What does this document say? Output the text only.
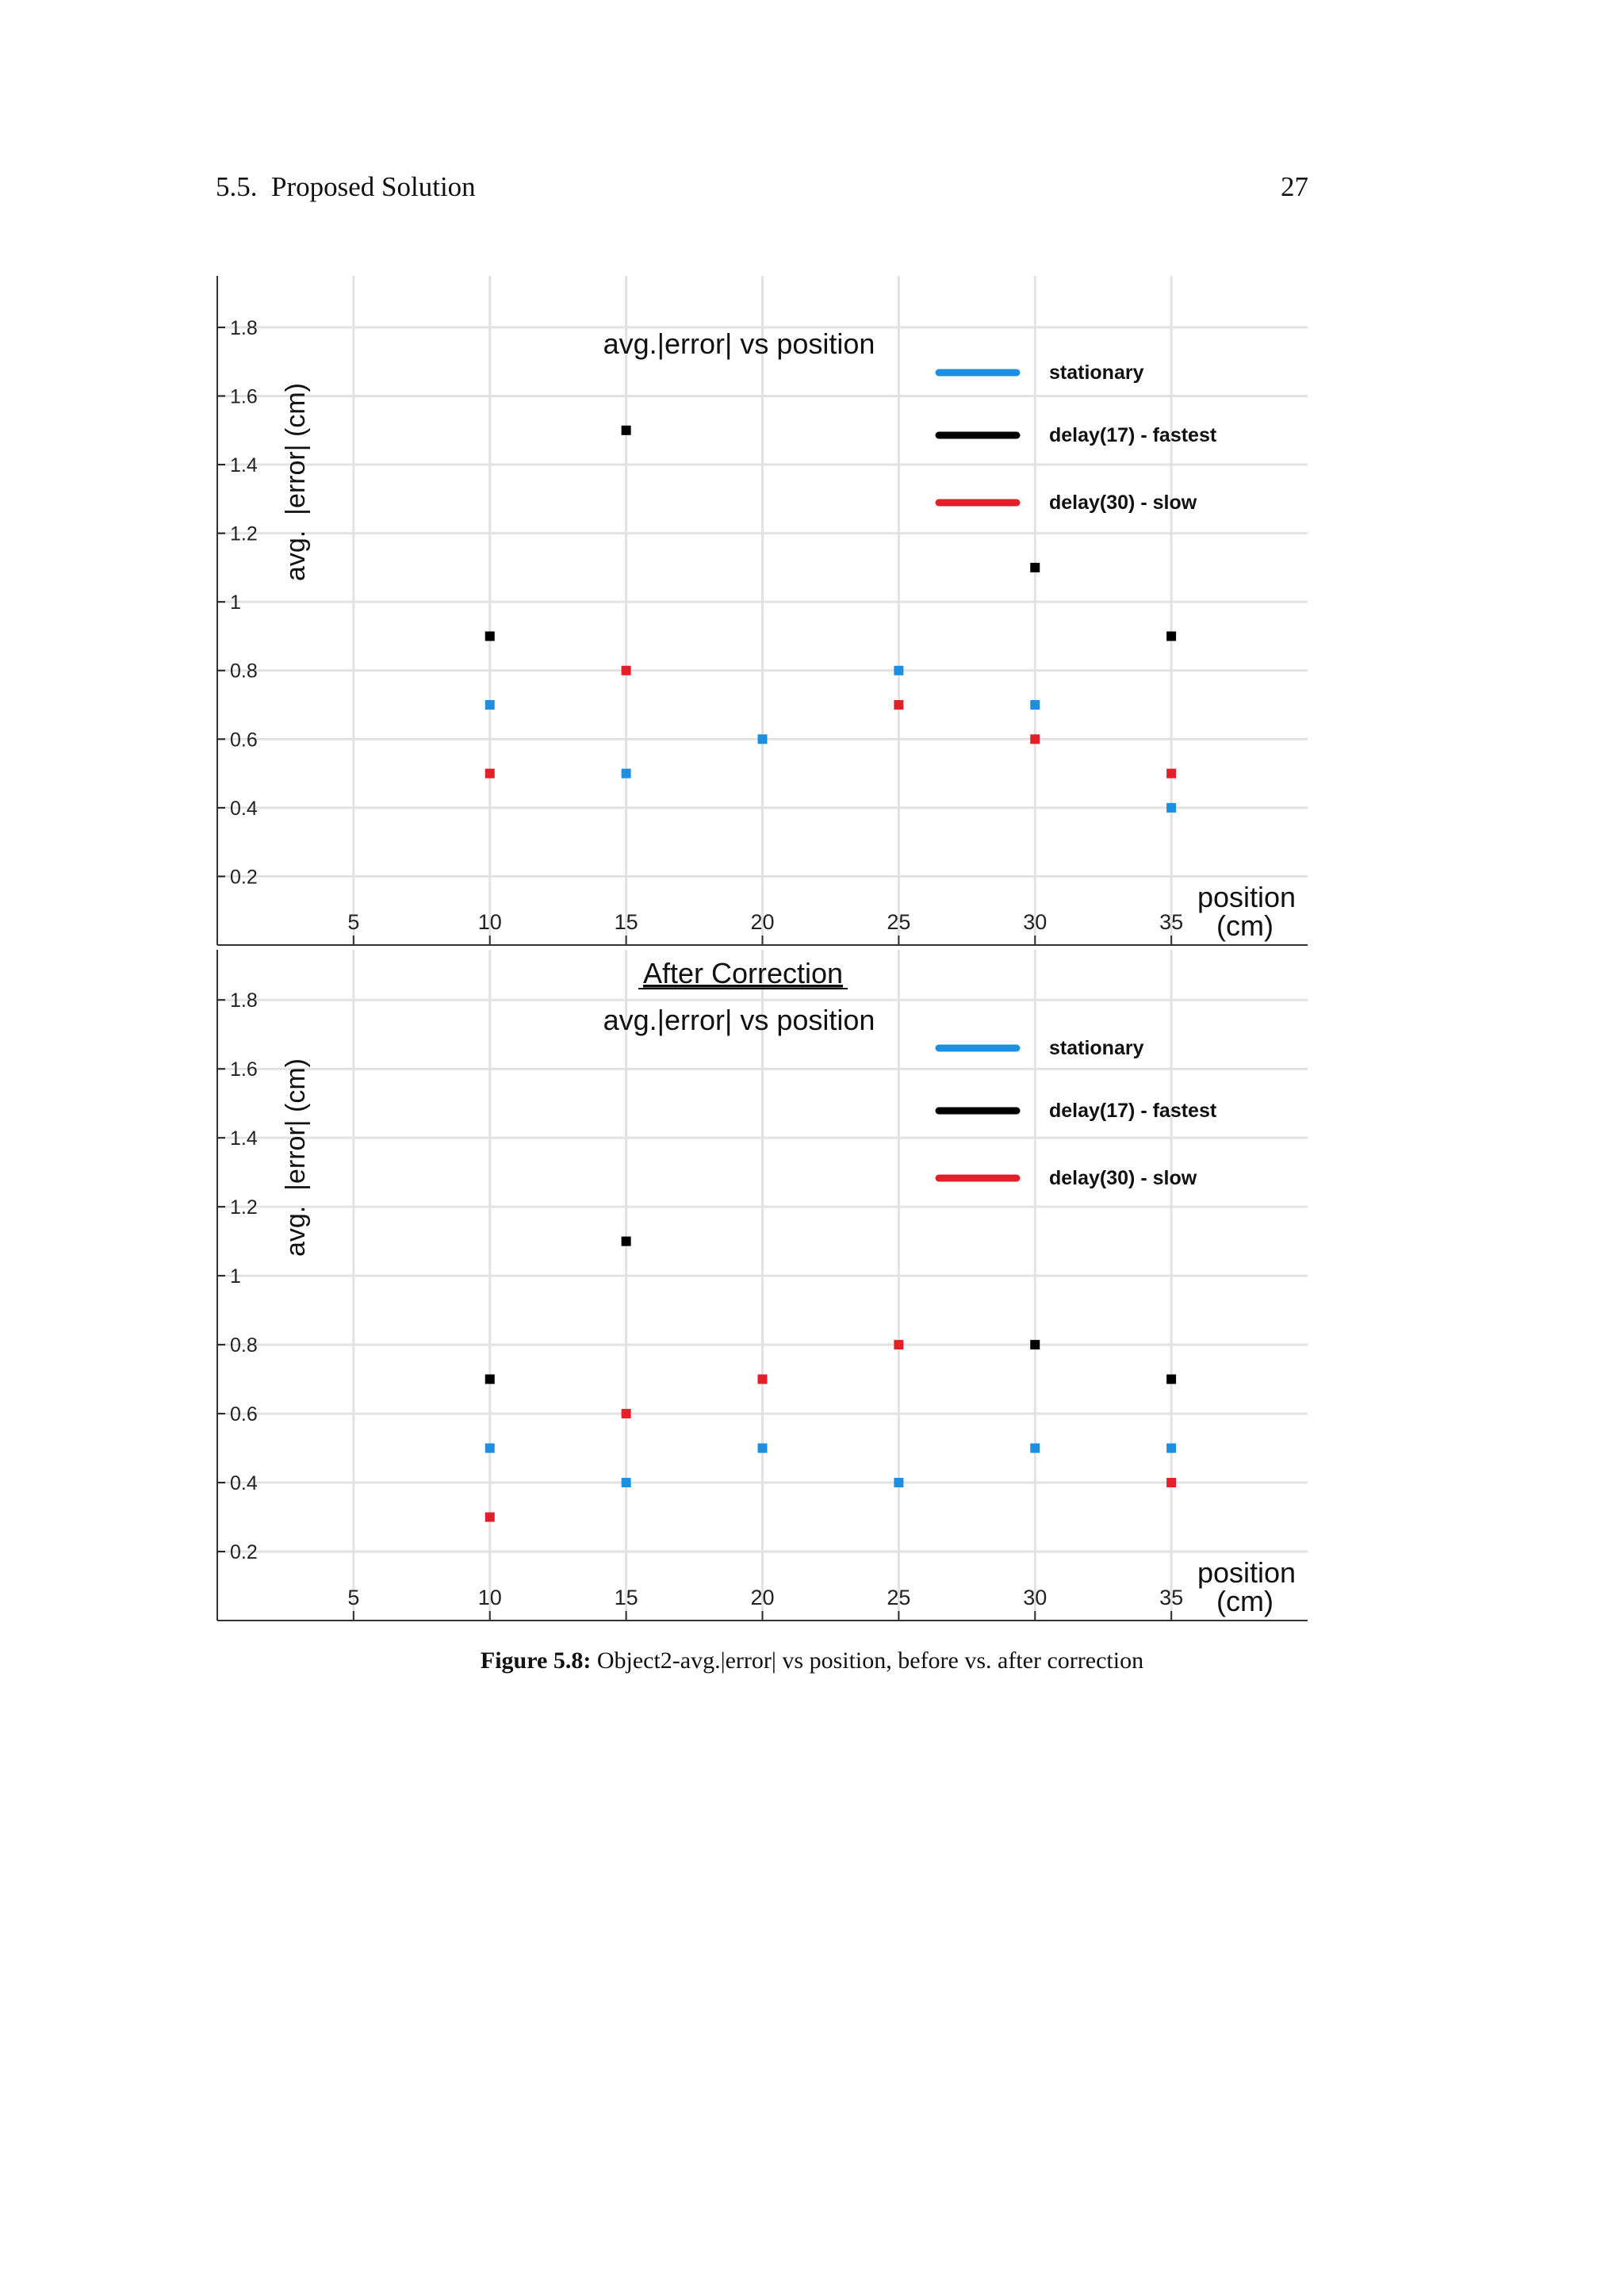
5.5.  Proposed Solution	27
0.2
0.4
0.6
0.8
1
1.2
1.4
1.6
1.8
5	10	15	20	25	30	35
position
(cm)
avg.  |error| (cm)
avg.|error| vs position
stationary
delay(17) - fastest
delay(30) - slow
0.2
0.4
0.6
0.8
1
1.2
1.4
1.6
1.8
5	10	15	20	25	30	35
position
(cm)
avg.  |error| (cm)
After Correction
avg.|error| vs position
stationary
delay(17) - fastest
delay(30) - slow
Figure 5.8: Object2-avg.|error| vs position, before vs. after correction
